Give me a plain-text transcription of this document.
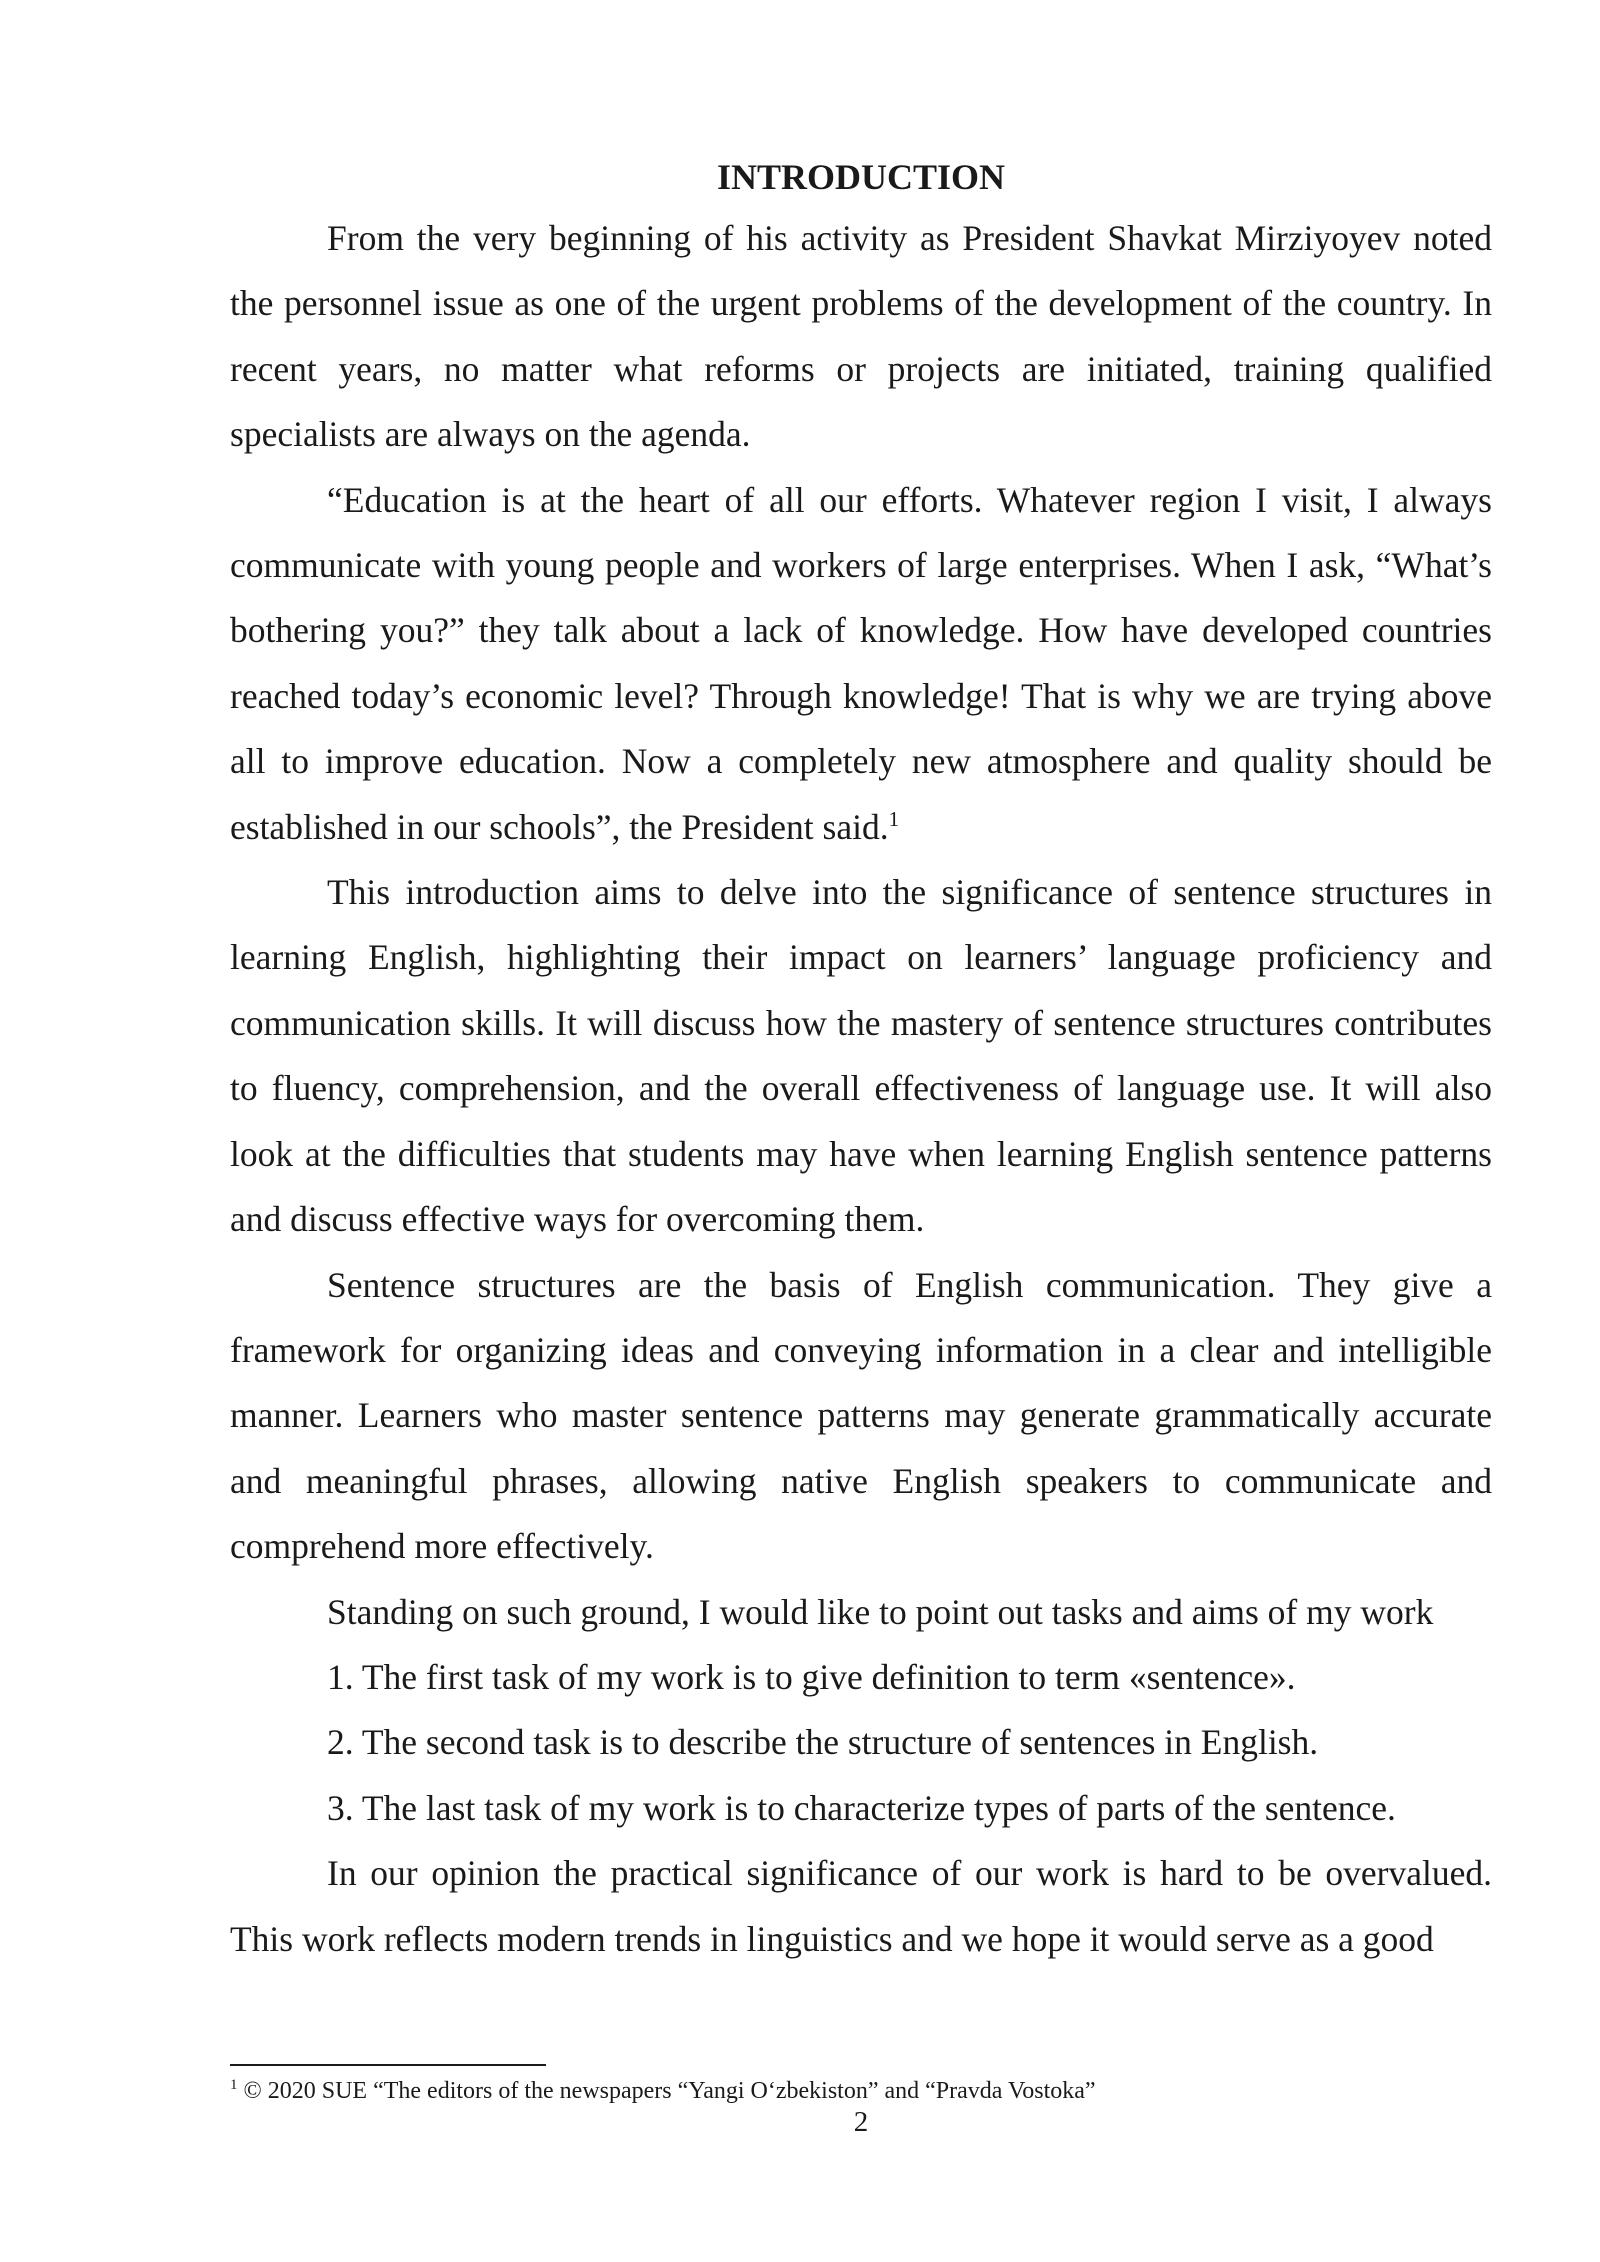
INTRODUCTION

From the very beginning of his activity as President Shavkat Mirziyoyev noted the personnel issue as one of the urgent problems of the development of the country. In recent years, no matter what reforms or projects are initiated, training qualified specialists are always on the agenda.

“Education is at the heart of all our efforts. Whatever region I visit, I always communicate with young people and workers of large enterprises. When I ask, “What’s bothering you?” they talk about a lack of knowledge. How have developed countries reached today’s economic level? Through knowledge! That is why we are trying above all to improve education. Now a completely new atmosphere and quality should be established in our schools”, the President said.$^1$

This introduction aims to delve into the significance of sentence structures in learning English, highlighting their impact on learners’ language proficiency and communication skills. It will discuss how the mastery of sentence structures contributes to fluency, comprehension, and the overall effectiveness of language use. It will also look at the difficulties that students may have when learning English sentence patterns and discuss effective ways for overcoming them.

Sentence structures are the basis of English communication. They give a framework for organizing ideas and conveying information in a clear and intelligible manner. Learners who master sentence patterns may generate grammatically accurate and meaningful phrases, allowing native English speakers to communicate and comprehend more effectively.

Standing on such ground, I would like to point out tasks and aims of my work

1. The first task of my work is to give definition to term «sentence».

2. The second task is to describe the structure of sentences in English.

3. The last task of my work is to characterize types of parts of the sentence.

In our opinion the practical significance of our work is hard to be overvalued. This work reflects modern trends in linguistics and we hope it would serve as a good

$^1$ © 2020 SUE “The editors of the newspapers “Yangi O‘zbekiston” and “Pravda Vostoka”
2
